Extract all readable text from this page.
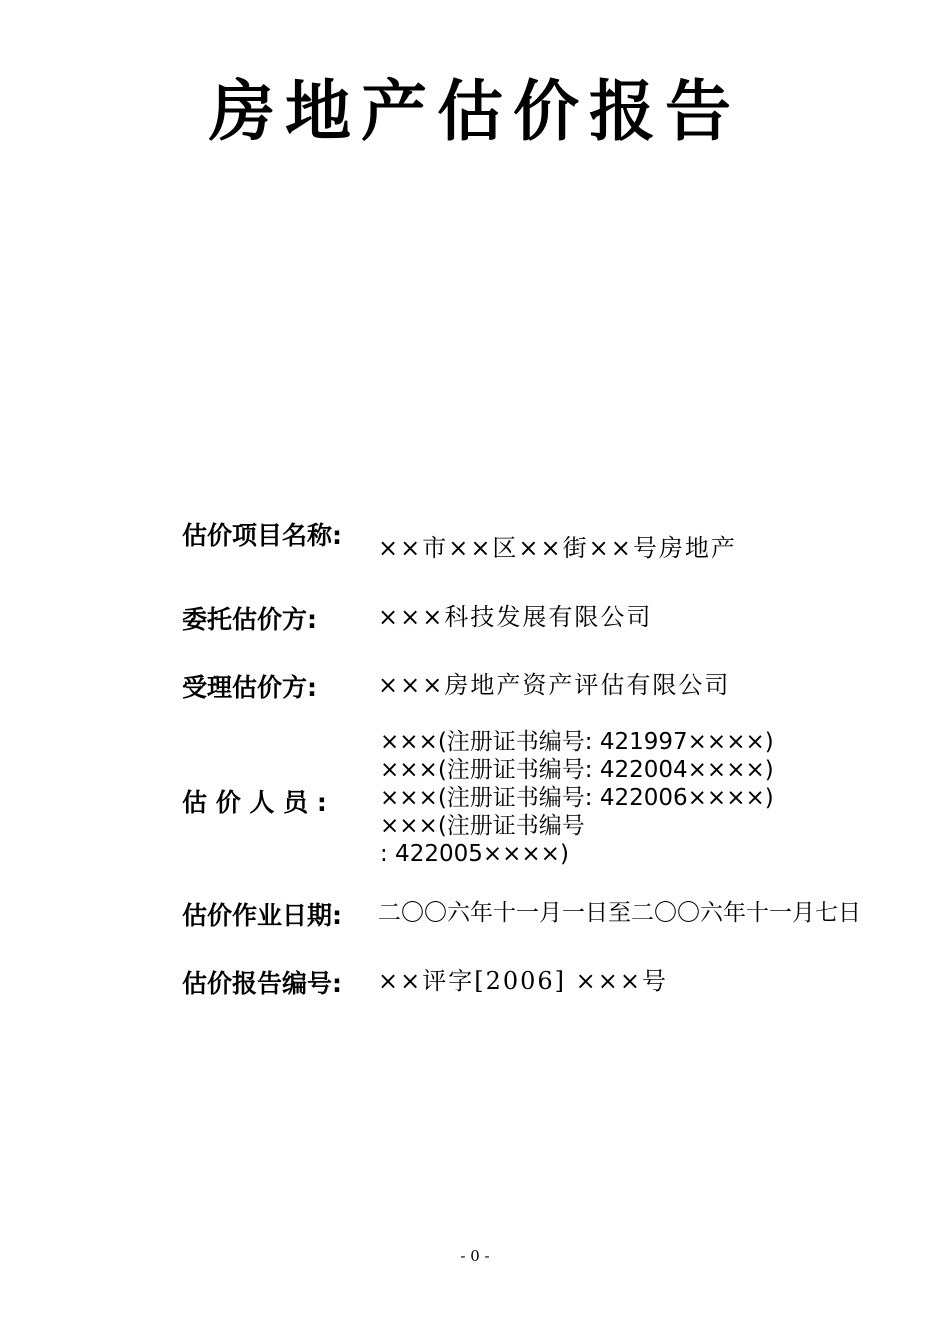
房地产估价报告
估价项目名称: ××市××区××街××号房地产
委托估价方:	×××科技发展有限公司
受理估价方:	×××房地产资产评估有限公司
估 价 人 员 :
×××(注册证书编号: 421997××××)
×××(注册证书编号: 422004××××)
×××(注册证书编号: 422006××××)
×××(注册证书编号
: 422005××××)
估价作业日期: 二〇〇六年十一月一日至二〇〇六年十一月七日
估价报告编号: ××评字[2006] ×××号
- 0 -
